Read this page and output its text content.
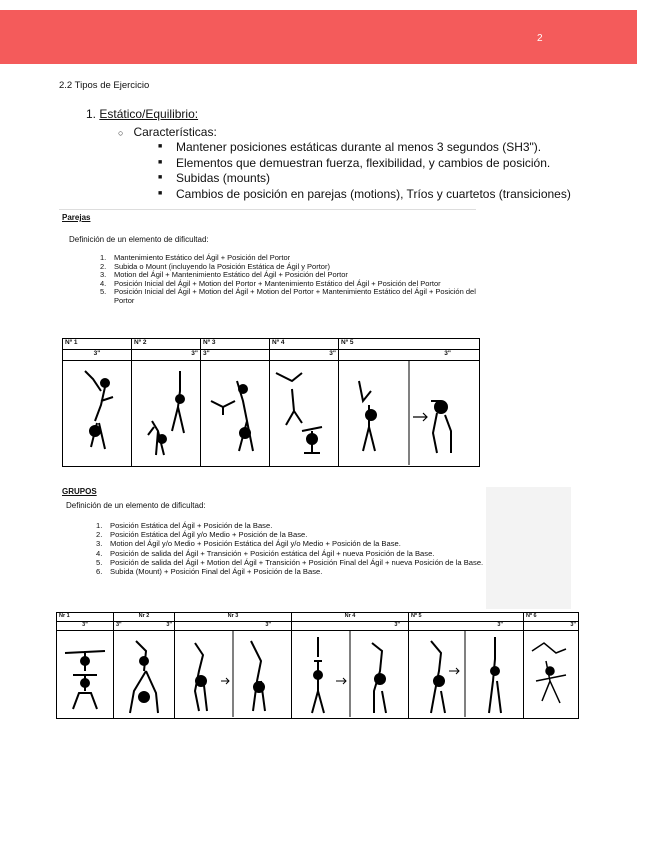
2
2.2 Tipos de Ejercicio
1. Estático/Equilibrio:
○ Características:
■ Mantener posiciones estáticas durante al menos 3 segundos (SH3").
■ Elementos que demuestran fuerza, flexibilidad, y cambios de posición.
■ Subidas (mounts)
■ Cambios de posición en parejas (motions), Tríos y cuartetos (transiciones)
Parejas
Definición de un elemento de dificultad:
1. Mantenimiento Estático del Ágil + Posición del Portor
2. Subida o Mount (incluyendo la Posición Estática de Ágil y Portor)
3. Motion del Ágil + Mantenimiento Estático del Ágil + Posición del Portor
4. Posición Inicial del Ágil + Motion del Portor + Mantenimiento Estático del Ágil + Posición del Portor
5. Posición Inicial del Ágil + Motion del Ágil + Motion del Portor + Mantenimiento Estático del Ágil + Posición del Portor
Nº 1	Nº 2	Nº 3	Nº 4	Nº 5
3"	3"	3"	3"	3"

GRUPOS
Definición de un elemento de dificultad:
1. Posición Estática del Ágil + Posición de la Base.
2. Posición Estática del Ágil y/o Medio + Posición de la Base.
3. Motion del Ágil y/o Medio + Posición Estática del Ágil y/o Medio + Posición de la Base.
4. Posición de salida del Ágil + Transición + Posición estática del Ágil + nueva Posición de la Base.
5. Posición de salida del Ágil + Motion del Ágil + Transición + Posición Final del Ágil + nueva Posición de la Base.
6. Subida (Mount) + Posición Final del Ágil + Posición de la Base.
Nr 1	Nr 2	Nr 3	Nr 4	Nº 5	Nº 6
3"	3" 3"	3"	3"	3"	3"
